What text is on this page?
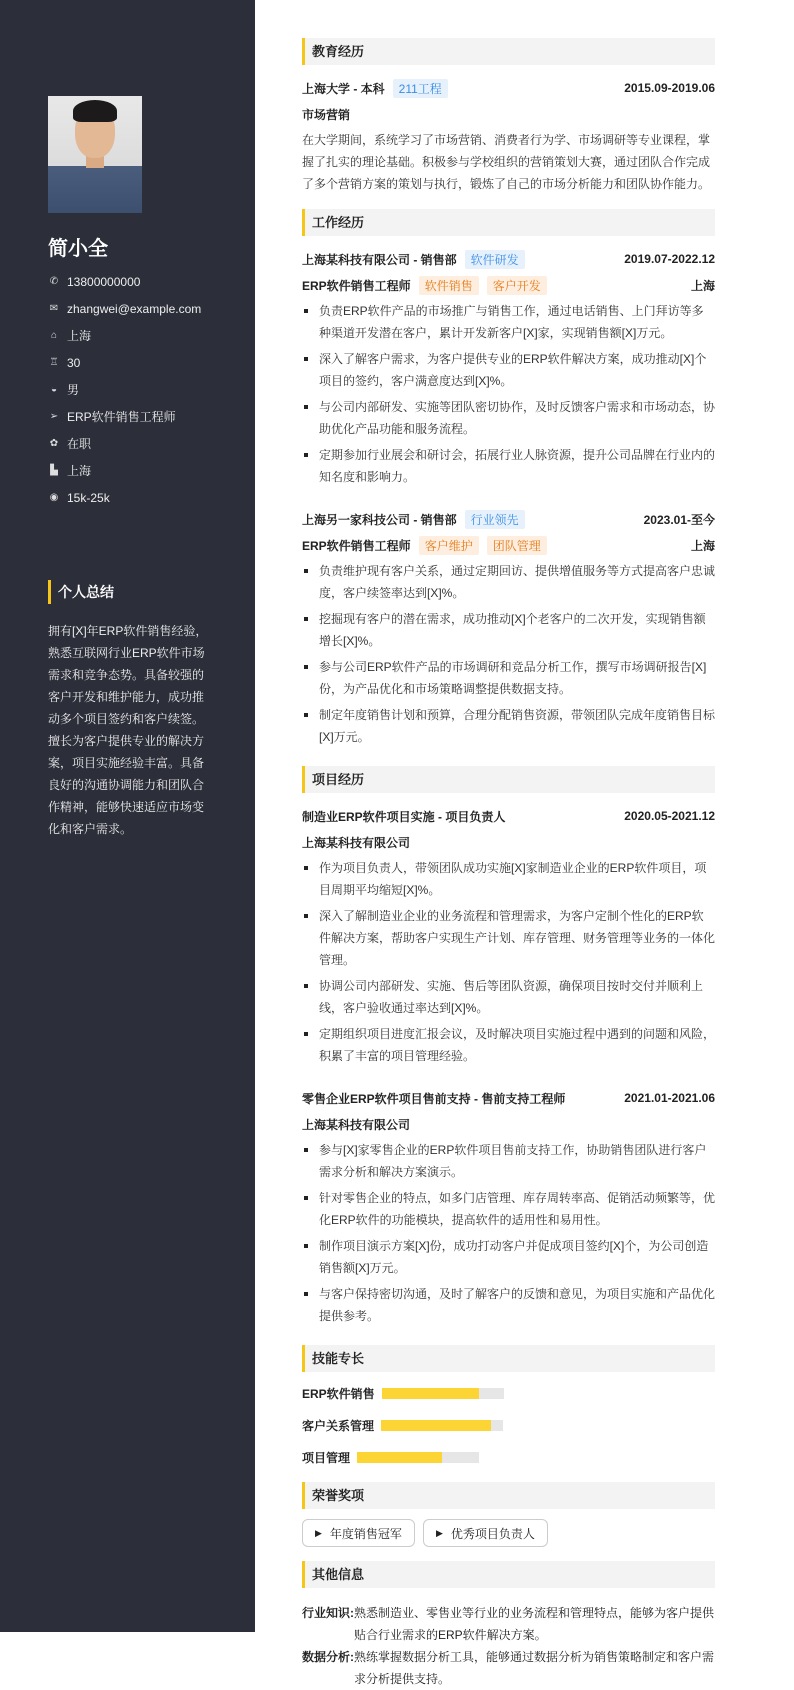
简小全
✆ 13800000000
✉ zhangwei@example.com
⌂ 上海
♖ 30
◒ 男
➢ ERP软件销售工程师
✿ 在职
▙ 上海
◉ 15k-25k
个人总结
拥有[X]年ERP软件销售经验，熟悉互联网行业ERP软件市场需求和竞争态势。具备较强的客户开发和维护能力，成功推动多个项目签约和客户续签。擅长为客户提供专业的解决方案，项目实施经验丰富。具备良好的沟通协调能力和团队合作精神，能够快速适应市场变化和客户需求。
教育经历
上海大学 - 本科	211工程	2015.09-2019.06
市场营销
在大学期间，系统学习了市场营销、消费者行为学、市场调研等专业课程，掌握了扎实的理论基础。积极参与学校组织的营销策划大赛，通过团队合作完成了多个营销方案的策划与执行，锻炼了自己的市场分析能力和团队协作能力。
工作经历
上海某科技有限公司 - 销售部	软件研发	2019.07-2022.12
ERP软件销售工程师	软件销售	客户开发	上海
负责ERP软件产品的市场推广与销售工作，通过电话销售、上门拜访等多种渠道开发潜在客户，累计开发新客户[X]家，实现销售额[X]万元。
深入了解客户需求，为客户提供专业的ERP软件解决方案，成功推动[X]个项目的签约，客户满意度达到[X]%。
与公司内部研发、实施等团队密切协作，及时反馈客户需求和市场动态，协助优化产品功能和服务流程。
定期参加行业展会和研讨会，拓展行业人脉资源，提升公司品牌在行业内的知名度和影响力。
上海另一家科技公司 - 销售部	行业领先	2023.01-至今
ERP软件销售工程师	客户维护	团队管理	上海
负责维护现有客户关系，通过定期回访、提供增值服务等方式提高客户忠诚度，客户续签率达到[X]%。
挖掘现有客户的潜在需求，成功推动[X]个老客户的二次开发，实现销售额增长[X]%。
参与公司ERP软件产品的市场调研和竞品分析工作，撰写市场调研报告[X]份，为产品优化和市场策略调整提供数据支持。
制定年度销售计划和预算，合理分配销售资源，带领团队完成年度销售目标[X]万元。
项目经历
制造业ERP软件项目实施 - 项目负责人	2020.05-2021.12
上海某科技有限公司
作为项目负责人，带领团队成功实施[X]家制造业企业的ERP软件项目，项目周期平均缩短[X]%。
深入了解制造业企业的业务流程和管理需求，为客户定制个性化的ERP软件解决方案，帮助客户实现生产计划、库存管理、财务管理等业务的一体化管理。
协调公司内部研发、实施、售后等团队资源，确保项目按时交付并顺利上线，客户验收通过率达到[X]%。
定期组织项目进度汇报会议，及时解决项目实施过程中遇到的问题和风险，积累了丰富的项目管理经验。
零售企业ERP软件项目售前支持 - 售前支持工程师	2021.01-2021.06
上海某科技有限公司
参与[X]家零售企业的ERP软件项目售前支持工作，协助销售团队进行客户需求分析和解决方案演示。
针对零售企业的特点，如多门店管理、库存周转率高、促销活动频繁等，优化ERP软件的功能模块，提高软件的适用性和易用性。
制作项目演示方案[X]份，成功打动客户并促成项目签约[X]个，为公司创造销售额[X]万元。
与客户保持密切沟通，及时了解客户的反馈和意见，为项目实施和产品优化提供参考。
技能专长
ERP软件销售
客户关系管理
项目管理
荣誉奖项
▶ 年度销售冠军	▶ 优秀项目负责人
其他信息
行业知识: 熟悉制造业、零售业等行业的业务流程和管理特点，能够为客户提供贴合行业需求的ERP软件解决方案。
数据分析: 熟练掌握数据分析工具，能够通过数据分析为销售策略制定和客户需求分析提供支持。
